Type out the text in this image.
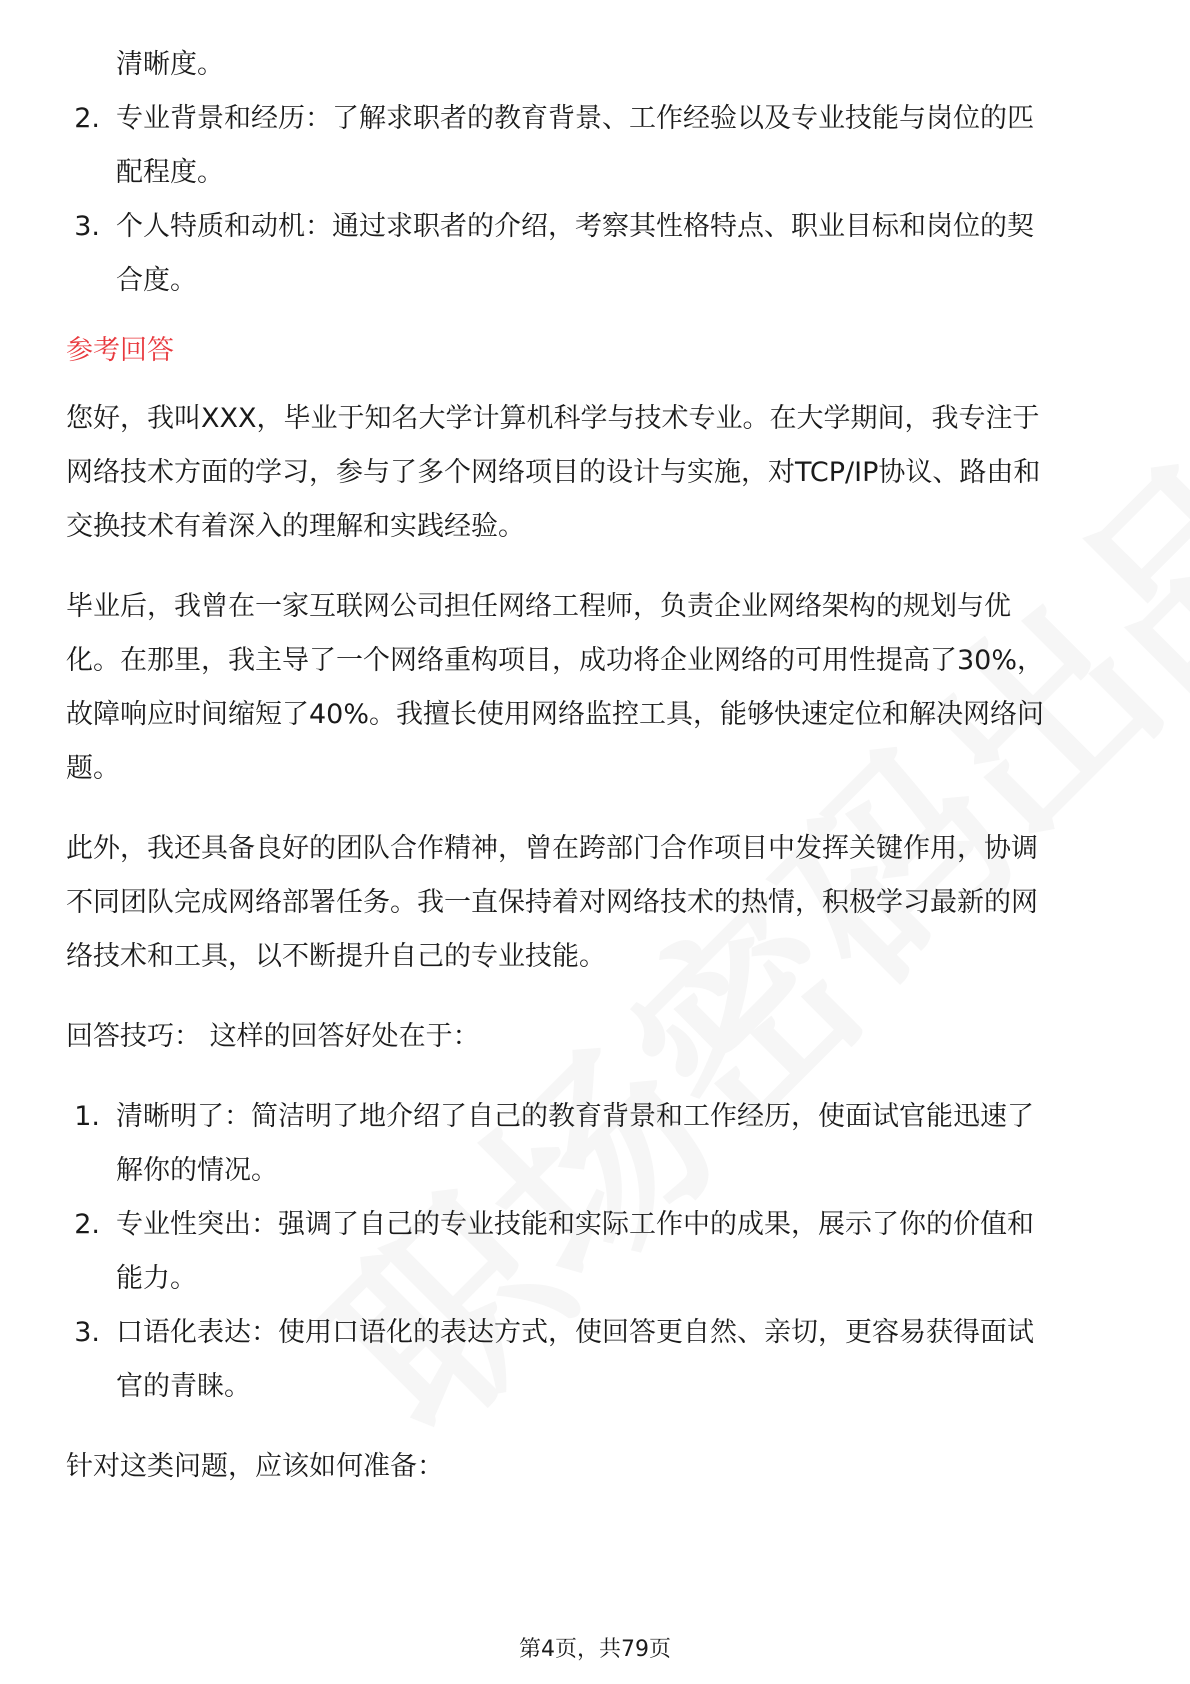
清晰度。
2. 专业背景和经历：了解求职者的教育背景、工作经验以及专业技能与岗位的匹
配程度。
3. 个人特质和动机：通过求职者的介绍，考察其性格特点、职业目标和岗位的契
合度。
参考回答
您好，我叫XXX，毕业于知名大学计算机科学与技术专业。在大学期间，我专注于
网络技术方面的学习，参与了多个网络项目的设计与实施，对TCP/IP协议、路由和
交换技术有着深入的理解和实践经验。
毕业后，我曾在一家互联网公司担任网络工程师，负责企业网络架构的规划与优
化。在那里，我主导了一个网络重构项目，成功将企业网络的可用性提高了30%，
故障响应时间缩短了40%。我擅长使用网络监控工具，能够快速定位和解决网络问
题。
此外，我还具备良好的团队合作精神，曾在跨部门合作项目中发挥关键作用，协调
不同团队完成网络部署任务。我一直保持着对网络技术的热情，积极学习最新的网
络技术和工具，以不断提升自己的专业技能。
回答技巧： 这样的回答好处在于：
1. 清晰明了：简洁明了地介绍了自己的教育背景和工作经历，使面试官能迅速了
解你的情况。
2. 专业性突出：强调了自己的专业技能和实际工作中的成果，展示了你的价值和
能力。
3. 口语化表达：使用口语化的表达方式，使回答更自然、亲切，更容易获得面试
官的青睐。
针对这类问题，应该如何准备：
第4页，共79页
